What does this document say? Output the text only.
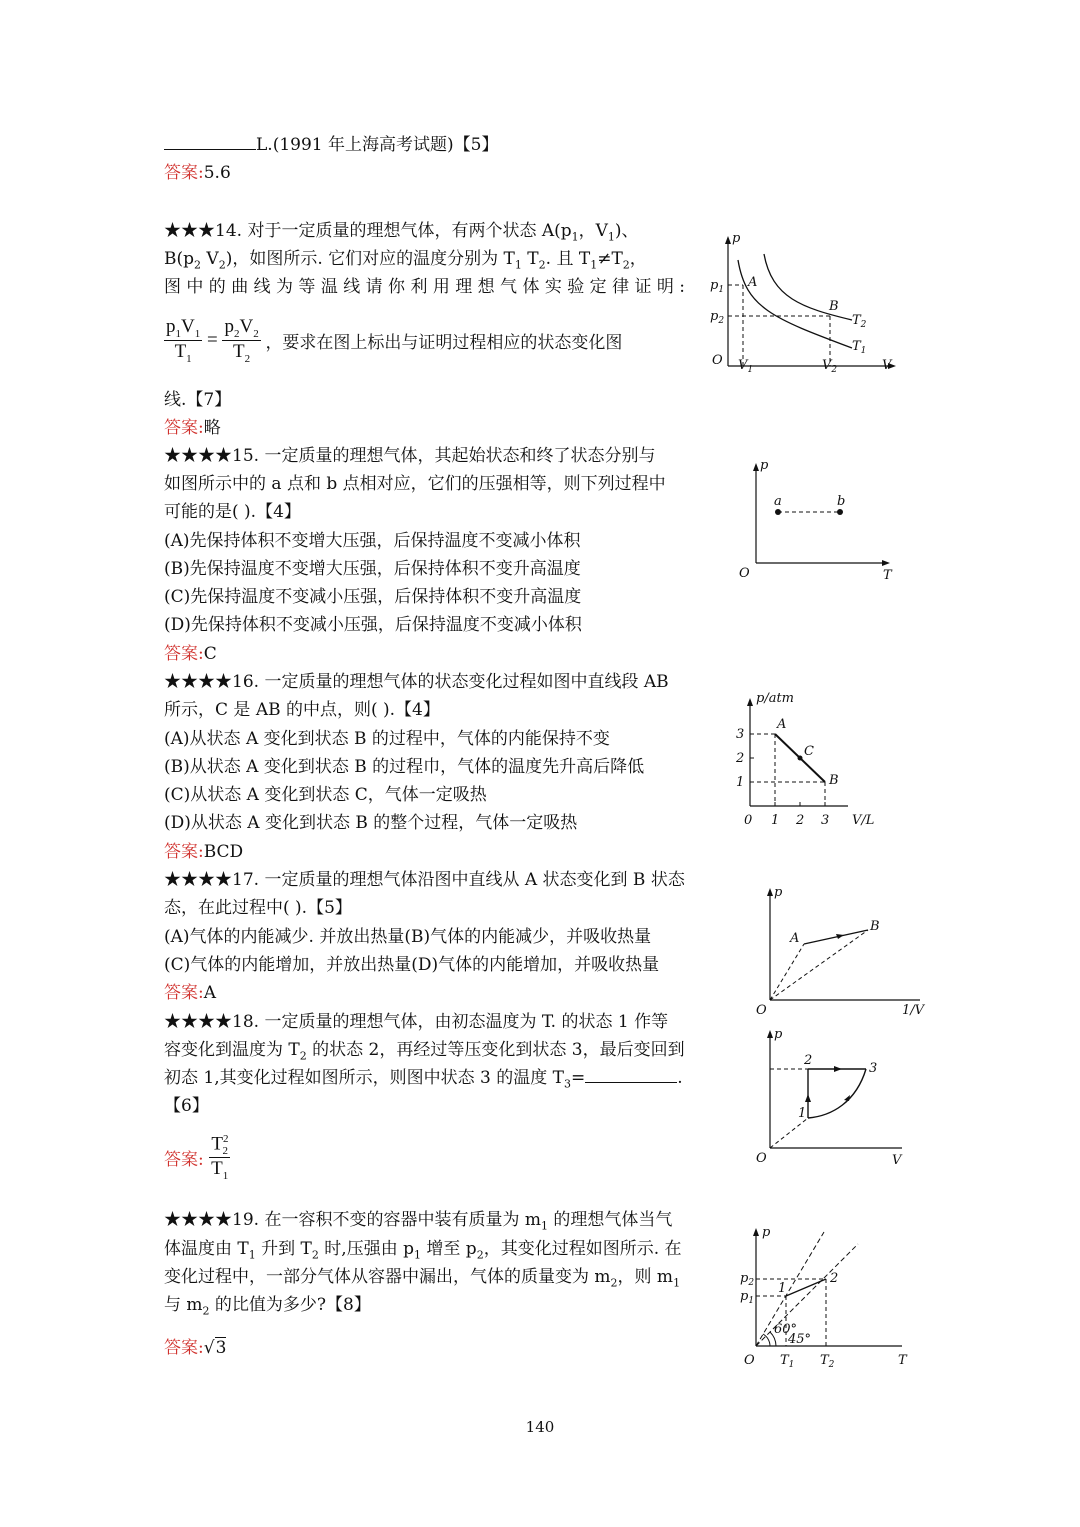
L.(1991 年上海高考试题)【5】
答案:5.6
★★★14. 对于一定质量的理想气体，有两个状态 $A(p_1$，$V_1$)、
$B(p_2$ $V_2$)，如图所示. 它们对应的温度分别为 $T_1$ $T_2$. 且 $T_1\ne T_2$，
图 中 的 曲 线 为 等 温 线 请 你 利 用 理 想 气 体 实 验 定 律 证 明 :
$\frac{p_1V_1}{T_1} = \frac{p_2V_2}{T_2}$ ，要求在图上标出与证明过程相应的状态变化图
线.【7】
答案:略
★★★★15. 一定质量的理想气体，其起始状态和终了状态分别与
如图所示中的 a 点和 b 点相对应，它们的压强相等，则下列过程中
可能的是( ).【4】
(A)先保持体积不变增大压强，后保持温度不变减小体积
(B)先保持温度不变增大压强，后保持体积不变升高温度
(C)先保持温度不变减小压强，后保持体积不变升高温度
(D)先保持体积不变减小压强，后保持温度不变减小体积
答案:C
★★★★16. 一定质量的理想气体的状态变化过程如图中直线段 AB
所示，C 是 AB 的中点，则( ).【4】
(A)从状态 A 变化到状态 B 的过程中，气体的内能保持不变
(B)从状态 A 变化到状态 B 的过程巾，气体的温度先升高后降低
(C)从状态 A 变化到状态 C，气体一定吸热
(D)从状态 A 变化到状态 B 的整个过程，气体一定吸热
答案:BCD
★★★★17. 一定质量的理想气体沿图中直线从 A 状态变化到 B 状态
态，在此过程中( ).【5】
(A)气体的内能减少. 并放出热量(B)气体的内能减少，并吸收热量
(C)气体的内能增加，并放出热量(D)气体的内能增加，并吸收热量
答案:A
★★★★18. 一定质量的理想气体，由初态温度为 T. 的状态 1 作等
容变化到温度为 $T_2$ 的状态 2，再经过等压变化到状态 3，最后变回到
初态 1,其变化过程如图所示，则图中状态 3 的温度 $T_3=$	.
【6】
答案: $\frac{T^2_2}{T_1}$
★★★★19. 在一容积不变的容器中装有质量为 $m_1$ 的理想气体当气
体温度由 $T_1$ 升到 $T_2$ 时,压强由 $p_1$ 增至 $p_2$，其变化过程如图所示. 在
变化过程中，一部分气体从容器中漏出，气体的质量变为 $m_2$，则 $m_1$
与 $m_2$ 的比值为多少?【8】
答案:√3
p
$p_1$
$p_2$
A
B
$T_2$
$T_1$
O $V_1$	$V_2$	V
p
a	b
O	T
p/atm
A
B
C
3
2
1
0 1 2 3 V/L
p
A
B
O	1/V
p
1
2
3
O	V
p
$p_2$
$p_1$
1
2
60°
45°
O $T_1$ $T_2$	T
140
